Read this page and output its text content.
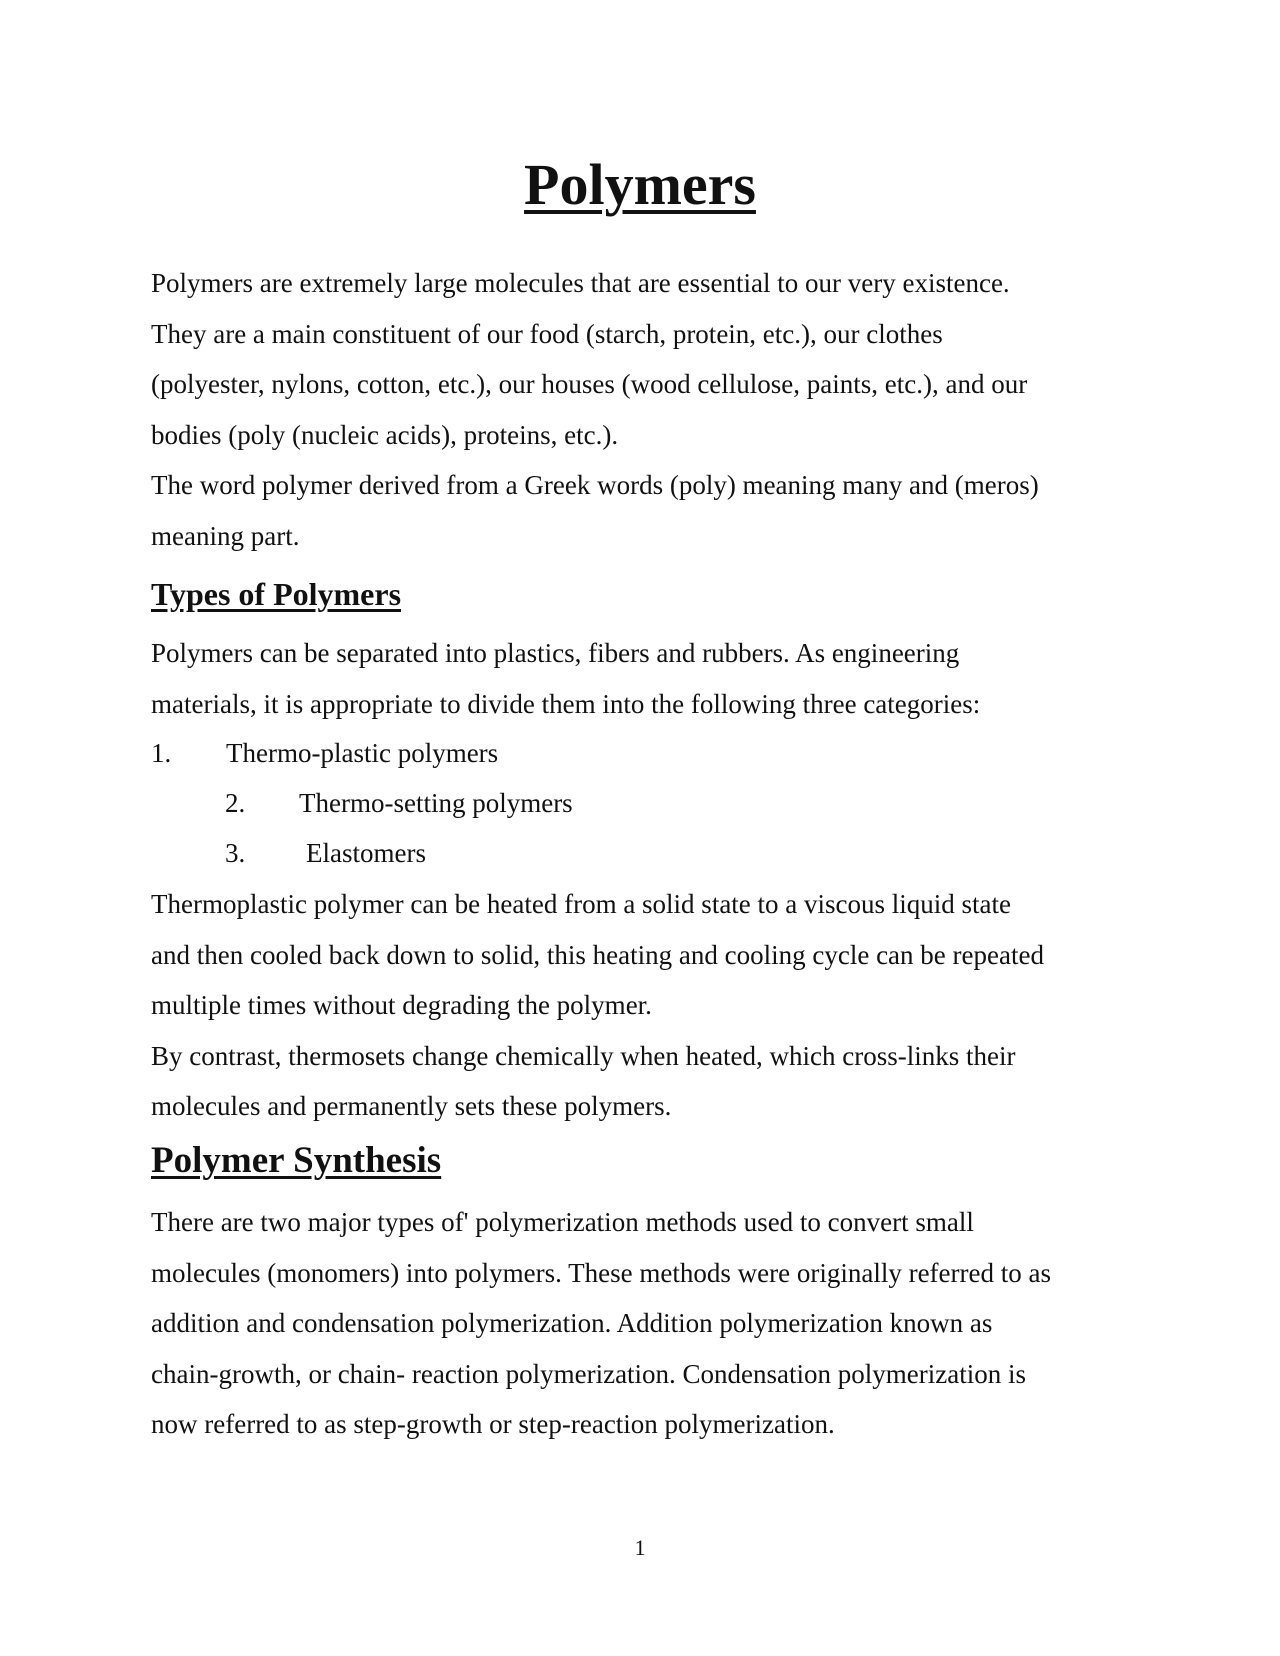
Polymers
Polymers are extremely large molecules that are essential to our very existence.
They are a main constituent of our food (starch, protein, etc.), our clothes
(polyester, nylons, cotton, etc.), our houses (wood cellulose, paints, etc.), and our
bodies (poly (nucleic acids), proteins, etc.).
The word polymer derived from a Greek words (poly) meaning many and (meros)
meaning part.
Types of Polymers
Polymers can be separated into plastics, fibers and rubbers. As engineering
materials, it is appropriate to divide them into the following three categories:
1. Thermo-plastic polymers
2. Thermo-setting polymers
3. Elastomers
Thermoplastic polymer can be heated from a solid state to a viscous liquid state
and then cooled back down to solid, this heating and cooling cycle can be repeated
multiple times without degrading the polymer.
By contrast, thermosets change chemically when heated, which cross-links their
molecules and permanently sets these polymers.
Polymer Synthesis
There are two major types of' polymerization methods used to convert small
molecules (monomers) into polymers. These methods were originally referred to as
addition and condensation polymerization. Addition polymerization known as
chain-growth, or chain- reaction polymerization. Condensation polymerization is
now referred to as step-growth or step-reaction polymerization.
1
